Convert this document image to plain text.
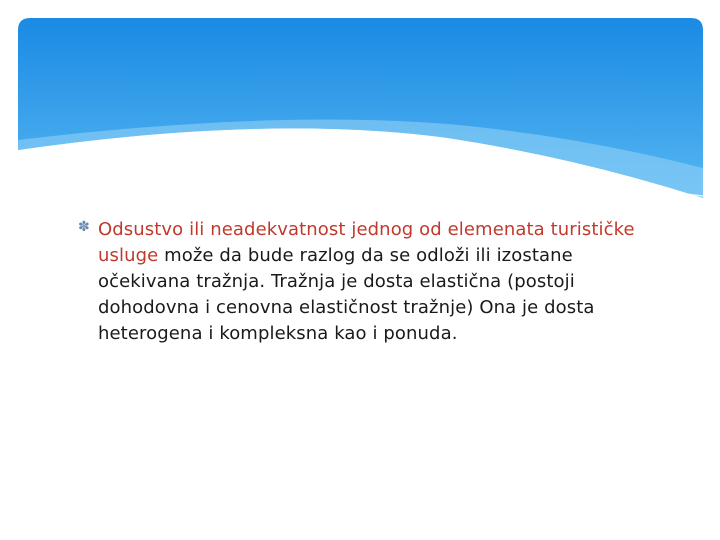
✽ Odsustvo ili neadekvatnost jednog od elemenata turističke usluge može da bude razlog da se odloži ili izostane očekivana tražnja. Tražnja je dosta elastična (postoji dohodovna i cenovna elastičnost tražnje) Ona je dosta heterogena i kompleksna kao i ponuda.
